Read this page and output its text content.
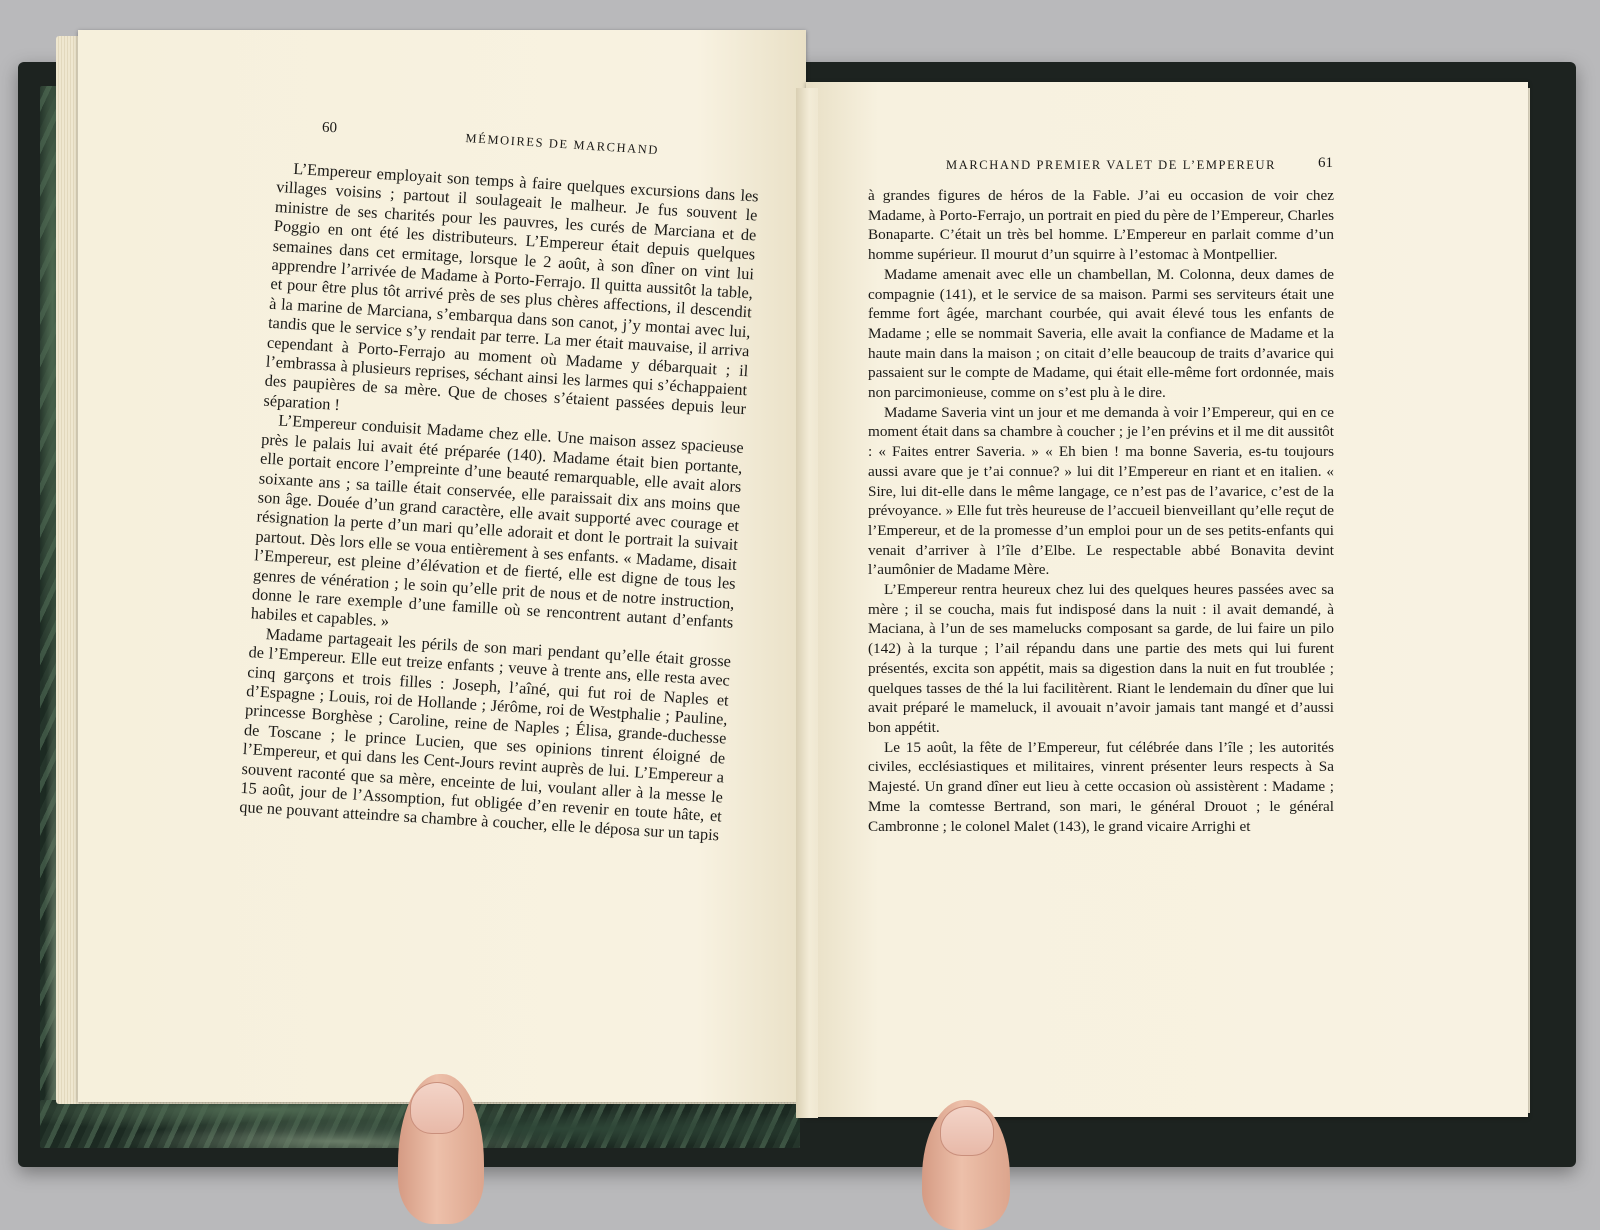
60
MÉMOIRES DE MARCHAND

L’Empereur employait son temps à faire quelques excursions dans les villages voisins ; partout il soulageait le malheur. Je fus souvent le ministre de ses charités pour les pauvres, les curés de Marciana et de Poggio en ont été les distributeurs. L’Empereur était depuis quelques semaines dans cet ermitage, lorsque le 2 août, à son dîner on vint lui apprendre l’arrivée de Madame à Porto-Ferrajo. Il quitta aussitôt la table, et pour être plus tôt arrivé près de ses plus chères affections, il descendit à la marine de Marciana, s’embarqua dans son canot, j’y montai avec lui, tandis que le service s’y rendait par terre. La mer était mauvaise, il arriva cependant à Porto-Ferrajo au moment où Madame y débarquait ; il l’embrassa à plusieurs reprises, séchant ainsi les larmes qui s’échappaient des paupières de sa mère. Que de choses s’étaient passées depuis leur séparation !

L’Empereur conduisit Madame chez elle. Une maison assez spacieuse près le palais lui avait été préparée (140). Madame était bien portante, elle portait encore l’empreinte d’une beauté remarquable, elle avait alors soixante ans ; sa taille était conservée, elle paraissait dix ans moins que son âge. Douée d’un grand caractère, elle avait supporté avec courage et résignation la perte d’un mari qu’elle adorait et dont le portrait la suivait partout. Dès lors elle se voua entièrement à ses enfants. « Madame, disait l’Empereur, est pleine d’élévation et de fierté, elle est digne de tous les genres de vénération ; le soin qu’elle prit de nous et de notre instruction, donne le rare exemple d’une famille où se rencontrent autant d’enfants habiles et capables. »

Madame partageait les périls de son mari pendant qu’elle était grosse de l’Empereur. Elle eut treize enfants ; veuve à trente ans, elle resta avec cinq garçons et trois filles : Joseph, l’aîné, qui fut roi de Naples et d’Espagne ; Louis, roi de Hollande ; Jérôme, roi de Westphalie ; Pauline, princesse Borghèse ; Caroline, reine de Naples ; Élisa, grande-duchesse de Toscane ; le prince Lucien, que ses opinions tinrent éloigné de l’Empereur, et qui dans les Cent-Jours revint auprès de lui. L’Empereur a souvent raconté que sa mère, enceinte de lui, voulant aller à la messe le 15 août, jour de l’Assomption, fut obligée d’en revenir en toute hâte, et que ne pouvant atteindre sa chambre à coucher, elle le déposa sur un tapis

MARCHAND PREMIER VALET DE L’EMPEREUR	61

à grandes figures de héros de la Fable. J’ai eu occasion de voir chez Madame, à Porto-Ferrajo, un portrait en pied du père de l’Empereur, Charles Bonaparte. C’était un très bel homme. L’Empereur en parlait comme d’un homme supérieur. Il mourut d’un squirre à l’estomac à Montpellier.

Madame amenait avec elle un chambellan, M. Colonna, deux dames de compagnie (141), et le service de sa maison. Parmi ses serviteurs était une femme fort âgée, marchant courbée, qui avait élevé tous les enfants de Madame ; elle se nommait Saveria, elle avait la confiance de Madame et la haute main dans la maison ; on citait d’elle beaucoup de traits d’avarice qui passaient sur le compte de Madame, qui était elle-même fort ordonnée, mais non parcimonieuse, comme on s’est plu à le dire.

Madame Saveria vint un jour et me demanda à voir l’Empereur, qui en ce moment était dans sa chambre à coucher ; je l’en prévins et il me dit aussitôt : « Faites entrer Saveria. » « Eh bien ! ma bonne Saveria, es-tu toujours aussi avare que je t’ai connue? » lui dit l’Empereur en riant et en italien. « Sire, lui dit-elle dans le même langage, ce n’est pas de l’avarice, c’est de la prévoyance. » Elle fut très heureuse de l’accueil bienveillant qu’elle reçut de l’Empereur, et de la promesse d’un emploi pour un de ses petits-enfants qui venait d’arriver à l’île d’Elbe. Le respectable abbé Bonavita devint l’aumônier de Madame Mère.

L’Empereur rentra heureux chez lui des quelques heures passées avec sa mère ; il se coucha, mais fut indisposé dans la nuit : il avait demandé, à Maciana, à l’un de ses mamelucks composant sa garde, de lui faire un pilo (142) à la turque ; l’ail répandu dans une partie des mets qui lui furent présentés, excita son appétit, mais sa digestion dans la nuit en fut troublée ; quelques tasses de thé la lui facilitèrent. Riant le lendemain du dîner que lui avait préparé le mameluck, il avouait n’avoir jamais tant mangé et d’aussi bon appétit.

Le 15 août, la fête de l’Empereur, fut célébrée dans l’île ; les autorités civiles, ecclésiastiques et militaires, vinrent présenter leurs respects à Sa Majesté. Un grand dîner eut lieu à cette occasion où assistèrent : Madame ; Mme la comtesse Bertrand, son mari, le général Drouot ; le général Cambronne ; le colonel Malet (143), le grand vicaire Arrighi et
